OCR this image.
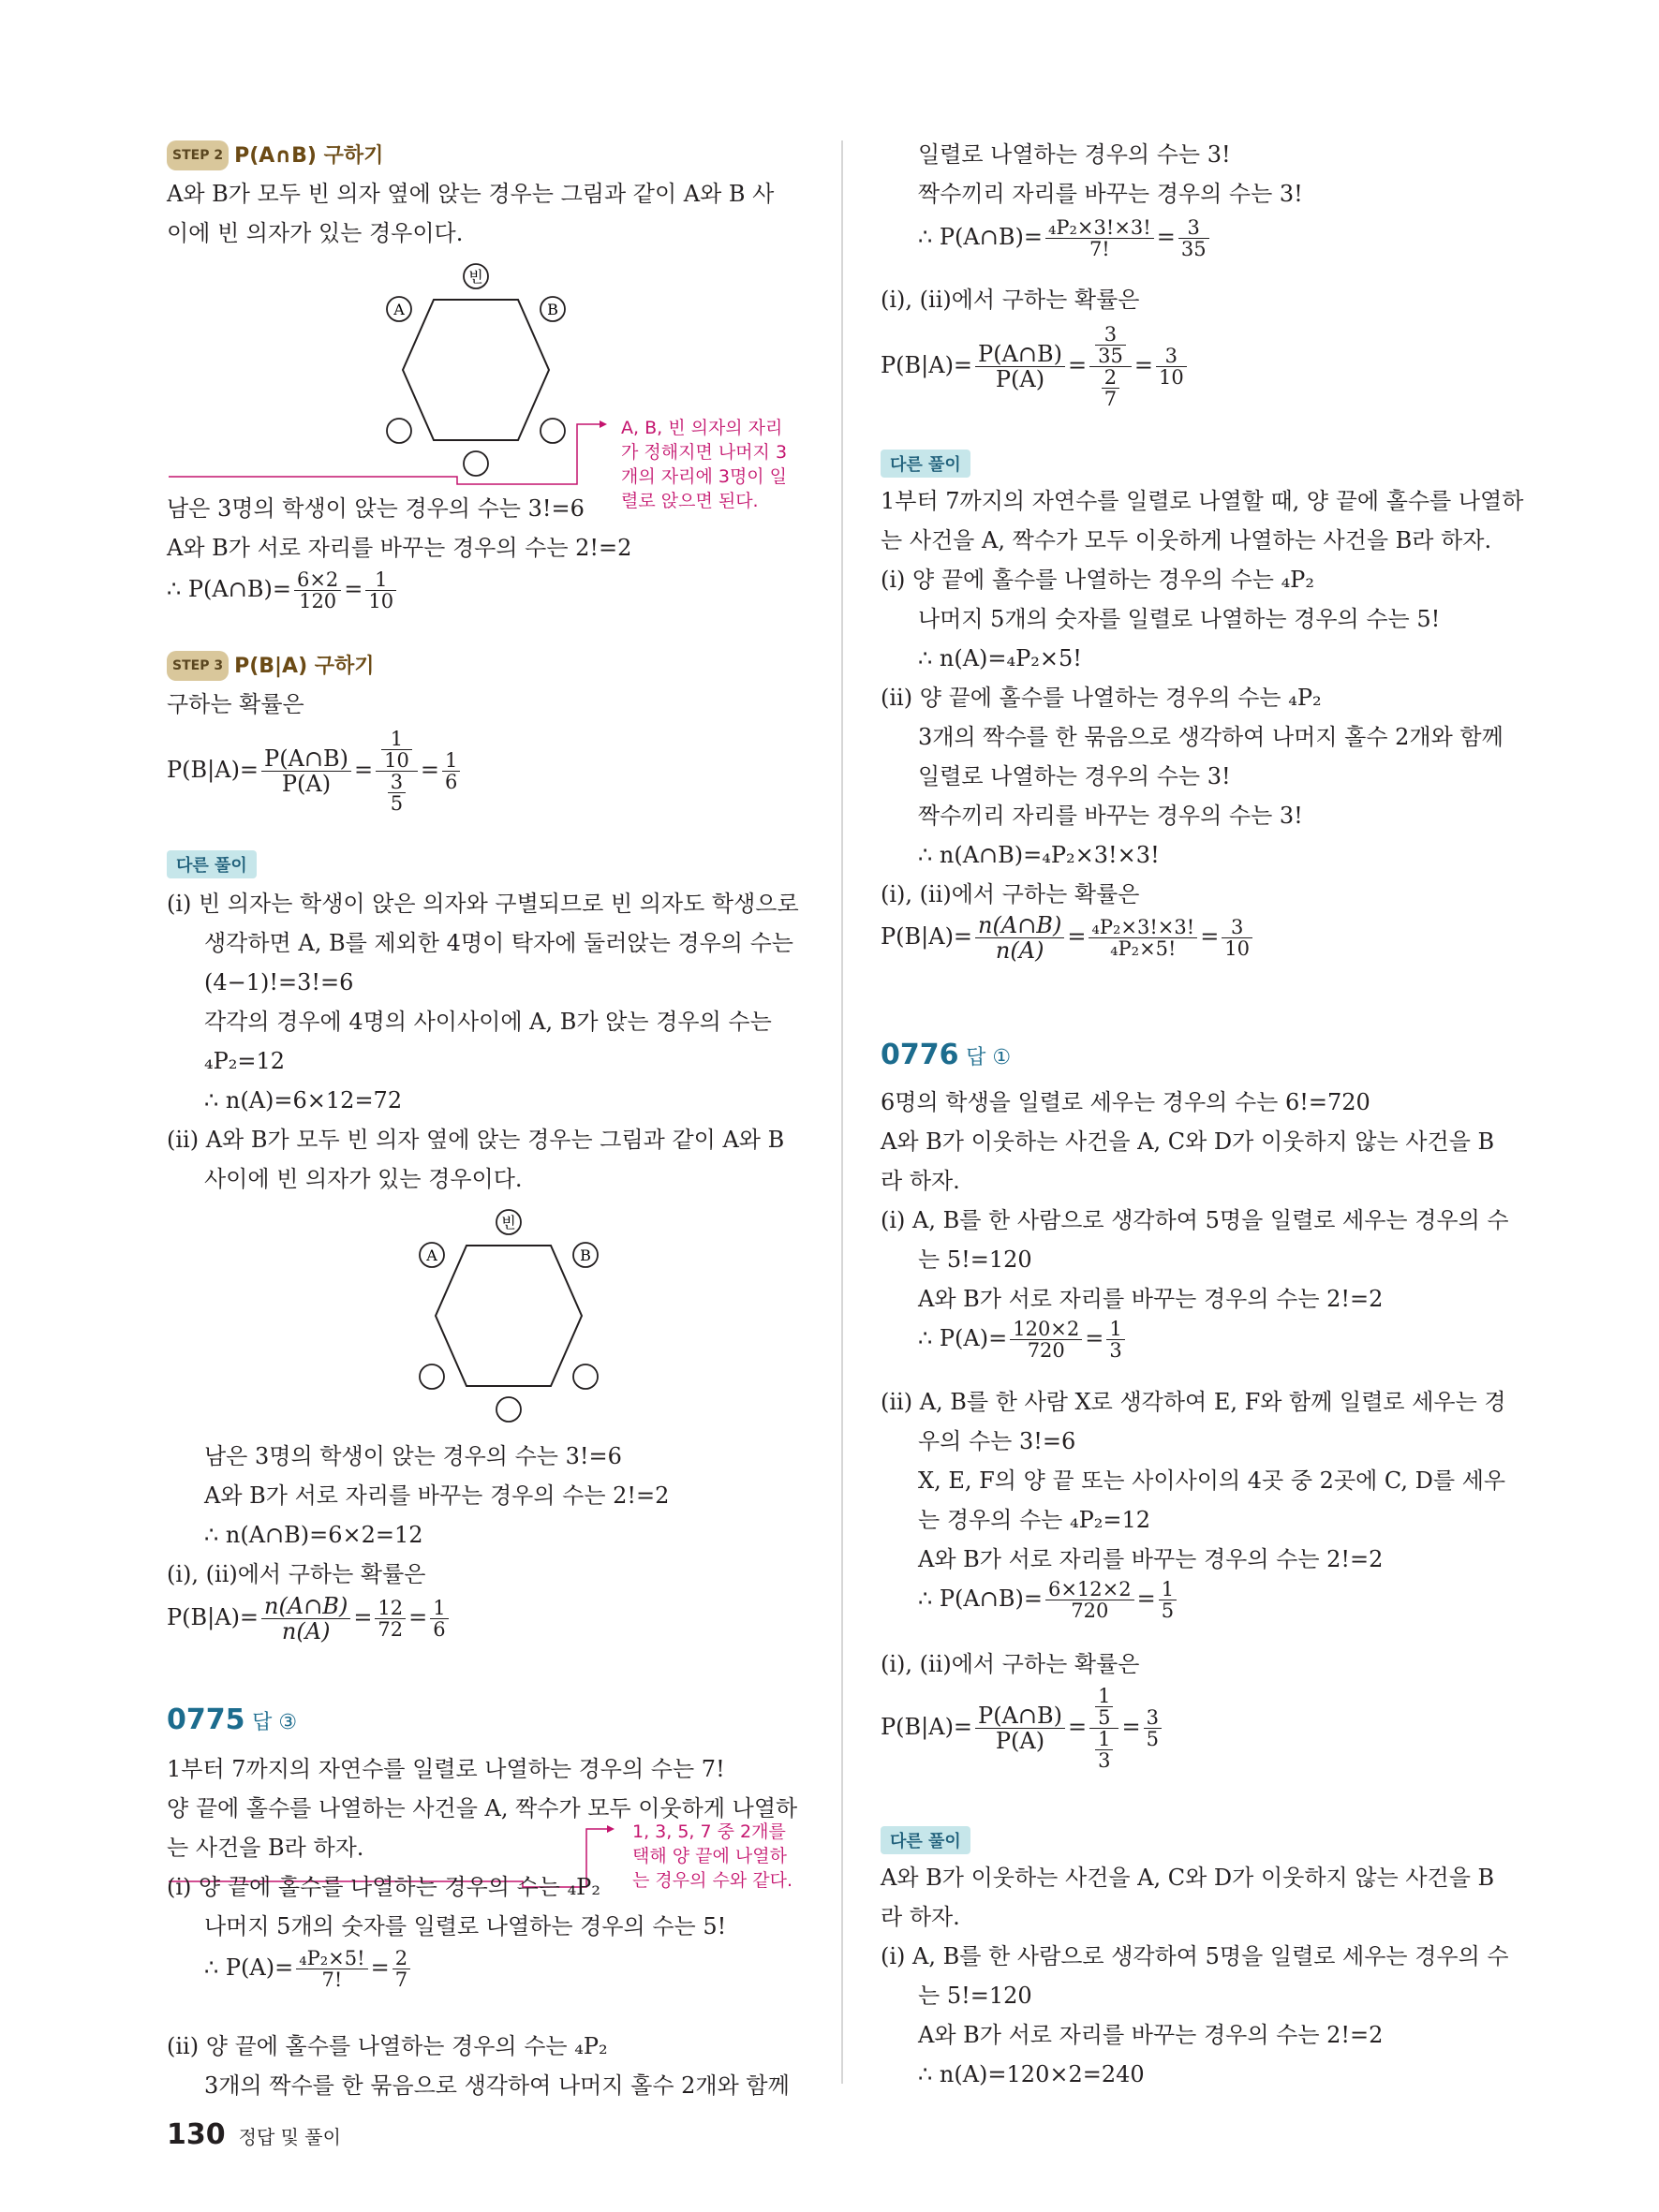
STEP 2 P(A∩B) 구하기
A와 B가 모두 빈 의자 옆에 앉는 경우는 그림과 같이 A와 B 사
이에 빈 의자가 있는 경우이다.
빈
A	B
A, B, 빈 의자의 자리
가 정해지면 나머지 3
개의 자리에 3명이 일
렬로 앉으면 된다.
남은 3명의 학생이 앉는 경우의 수는 3!=6
A와 B가 서로 자리를 바꾸는 경우의 수는 2!=2
∴ P(A∩B)= $\frac{6\times 2}{120} = \frac{1}{10}$
STEP 3 P(B|A) 구하기
구하는 확률은
$P(B|A)= \frac{P(A\cap B)}{P(A)} = \frac{\frac{1}{10}}{\frac{3}{5}} = \frac{1}{6}$
다른 풀이
(i) 빈 의자는 학생이 앉은 의자와 구별되므로 빈 의자도 학생으로
생각하면 A, B를 제외한 4명이 탁자에 둘러앉는 경우의 수는
(4−1)!=3!=6
각각의 경우에 4명의 사이사이에 A, B가 앉는 경우의 수는
₄P₂=12
∴ n(A)=6×12=72
(ii) A와 B가 모두 빈 의자 옆에 앉는 경우는 그림과 같이 A와 B
사이에 빈 의자가 있는 경우이다.
빈
A	B
남은 3명의 학생이 앉는 경우의 수는 3!=6
A와 B가 서로 자리를 바꾸는 경우의 수는 2!=2
∴ n(A∩B)=6×2=12
(i), (ii)에서 구하는 확률은
$P(B|A)= \frac{n(A\cap B)}{n(A)} = \frac{12}{72} = \frac{1}{6}$
0775 답 ③
1부터 7까지의 자연수를 일렬로 나열하는 경우의 수는 7!
양 끝에 홀수를 나열하는 사건을 A, 짝수가 모두 이웃하게 나열하
는 사건을 B라 하자.
1, 3, 5, 7 중 2개를
택해 양 끝에 나열하
는 경우의 수와 같다.
(i) 양 끝에 홀수를 나열하는 경우의 수는 ₄P₂
나머지 5개의 숫자를 일렬로 나열하는 경우의 수는 5!
∴ $P(A)= \frac{\text{₄P₂×5!}}{7!} = \frac{2}{7}$
(ii) 양 끝에 홀수를 나열하는 경우의 수는 ₄P₂
3개의 짝수를 한 묶음으로 생각하여 나머지 홀수 2개와 함께
일렬로 나열하는 경우의 수는 3!
짝수끼리 자리를 바꾸는 경우의 수는 3!
∴ P(A∩B)= $\frac{\text{₄P₂×3!×3!}}{7!} = \frac{3}{35}$
(i), (ii)에서 구하는 확률은
$P(B|A)= \frac{P(A\cap B)}{P(A)} = \frac{\frac{3}{35}}{\frac{2}{7}} = \frac{3}{10}$
다른 풀이
1부터 7까지의 자연수를 일렬로 나열할 때, 양 끝에 홀수를 나열하
는 사건을 A, 짝수가 모두 이웃하게 나열하는 사건을 B라 하자.
(i) 양 끝에 홀수를 나열하는 경우의 수는 ₄P₂
나머지 5개의 숫자를 일렬로 나열하는 경우의 수는 5!
∴ n(A)=₄P₂×5!
(ii) 양 끝에 홀수를 나열하는 경우의 수는 ₄P₂
3개의 짝수를 한 묶음으로 생각하여 나머지 홀수 2개와 함께
일렬로 나열하는 경우의 수는 3!
짝수끼리 자리를 바꾸는 경우의 수는 3!
∴ n(A∩B)=₄P₂×3!×3!
(i), (ii)에서 구하는 확률은
$P(B|A)= \frac{n(A\cap B)}{n(A)} = \frac{\text{₄P₂×3!×3!}}{\text{₄P₂×5!}} = \frac{3}{10}$
0776 답 ①
6명의 학생을 일렬로 세우는 경우의 수는 6!=720
A와 B가 이웃하는 사건을 A, C와 D가 이웃하지 않는 사건을 B
라 하자.
(i) A, B를 한 사람으로 생각하여 5명을 일렬로 세우는 경우의 수
는 5!=120
A와 B가 서로 자리를 바꾸는 경우의 수는 2!=2
∴ $P(A)= \frac{120\times 2}{720} = \frac{1}{3}$
(ii) A, B를 한 사람 X로 생각하여 E, F와 함께 일렬로 세우는 경
우의 수는 3!=6
X, E, F의 양 끝 또는 사이사이의 4곳 중 2곳에 C, D를 세우
는 경우의 수는 ₄P₂=12
A와 B가 서로 자리를 바꾸는 경우의 수는 2!=2
∴ P(A∩B)= $\frac{6\times 12\times 2}{720} = \frac{1}{5}$
(i), (ii)에서 구하는 확률은
$P(B|A)= \frac{P(A\cap B)}{P(A)} = \frac{\frac{1}{5}}{\frac{1}{3}} = \frac{3}{5}$
다른 풀이
A와 B가 이웃하는 사건을 A, C와 D가 이웃하지 않는 사건을 B
라 하자.
(i) A, B를 한 사람으로 생각하여 5명을 일렬로 세우는 경우의 수
는 5!=120
A와 B가 서로 자리를 바꾸는 경우의 수는 2!=2
∴ n(A)=120×2=240
130 정답 및 풀이
